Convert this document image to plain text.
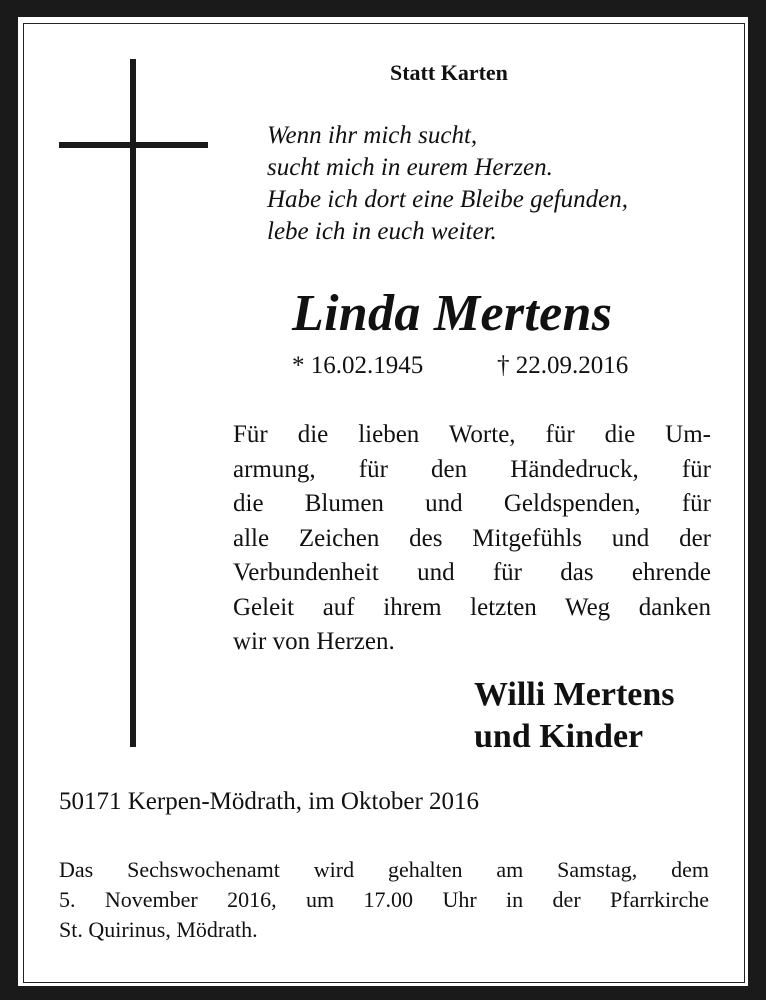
Statt Karten
Wenn ihr mich sucht,
sucht mich in eurem Herzen.
Habe ich dort eine Bleibe gefunden,
lebe ich in euch weiter.
Linda Mertens
* 16.02.1945	† 22.09.2016
Für die lieben Worte, für die Um-
armung, für den Händedruck, für
die Blumen und Geldspenden, für
alle Zeichen des Mitgefühls und der
Verbundenheit und für das ehrende
Geleit auf ihrem letzten Weg danken
wir von Herzen.
Willi Mertens
und Kinder
50171 Kerpen-Mödrath, im Oktober 2016
Das Sechswochenamt wird gehalten am Samstag, dem
5. November 2016, um 17.00 Uhr in der Pfarrkirche
St. Quirinus, Mödrath.
